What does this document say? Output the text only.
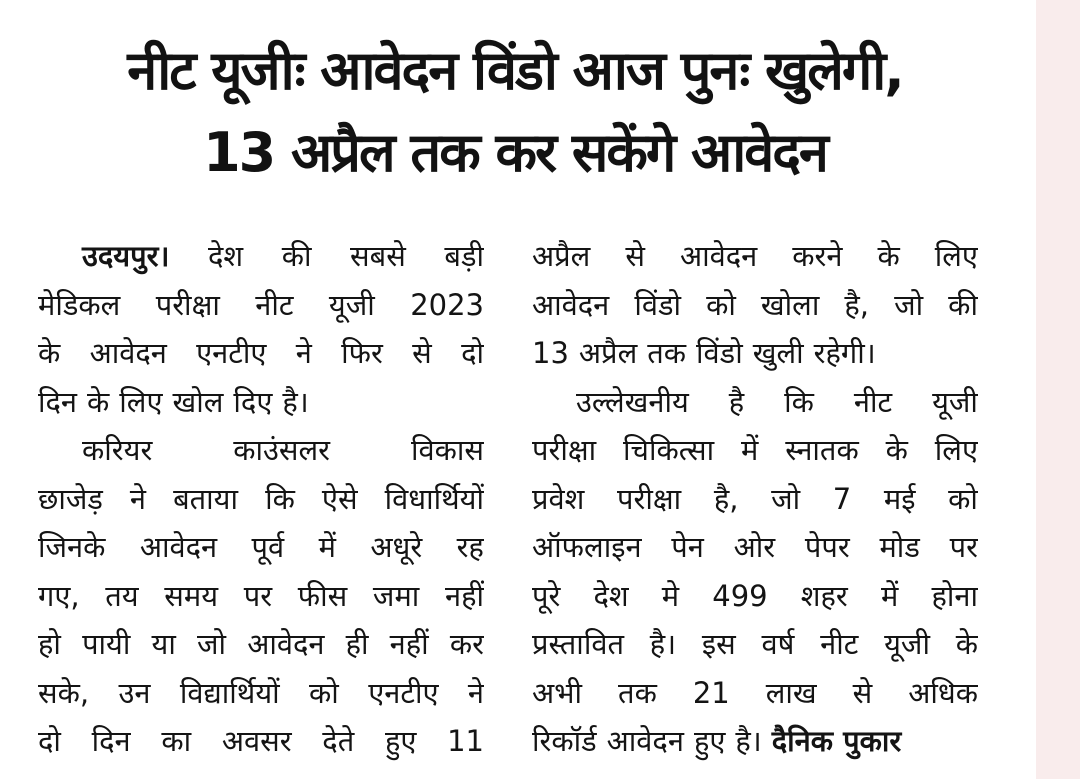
नीट यूजीः आवेदन विंडो आज पुनः खुलेगी,
13 अप्रैल तक कर सकेंगे आवेदन
उदयपुर। देश की सबसे बड़ी
मेडिकल परीक्षा नीट यूजी 2023
के आवेदन एनटीए ने फिर से दो
दिन के लिए खोल दिए है।
करियर	काउंसलर	विकास
छाजेड़ ने बताया कि ऐसे विधार्थियों
जिनके आवेदन पूर्व में अधूरे रह
गए, तय समय पर फीस जमा नहीं
हो पायी या जो आवेदन ही नहीं कर
सके, उन विद्यार्थियों को एनटीए ने
दो दिन का अवसर देते हुए 11
अप्रैल से आवेदन करने के लिए
आवेदन विंडो को खोला है, जो की
13 अप्रैल तक विंडो खुली रहेगी।
उल्लेखनीय है कि नीट यूजी
परीक्षा चिकित्सा में स्नातक के लिए
प्रवेश परीक्षा है, जो 7 मई को
ऑफलाइन पेन ओर पेपर मोड पर
पूरे देश मे 499 शहर में होना
प्रस्तावित है। इस वर्ष नीट यूजी के
अभी तक 21 लाख से अधिक
रिकॉर्ड आवेदन हुए है। दैनिक पुकार
